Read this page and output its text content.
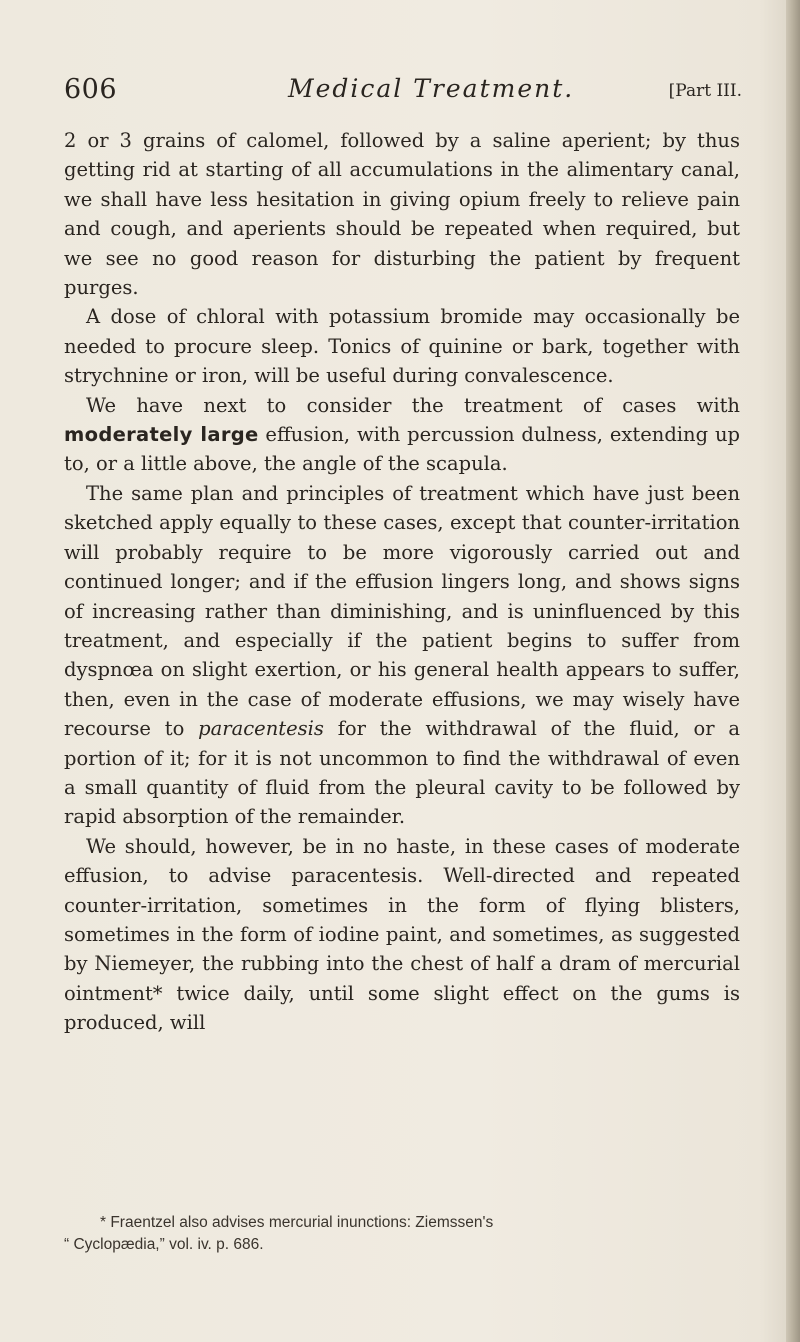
606	Medical Treatment.	[Part III.

2 or 3 grains of calomel, followed by a saline aperient; by thus getting rid at starting of all accumulations in the alimentary canal, we shall have less hesitation in giving opium freely to relieve pain and cough, and aperients should be repeated when required, but we see no good reason for disturbing the patient by frequent purges.

A dose of chloral with potassium bromide may occasionally be needed to procure sleep. Tonics of quinine or bark, together with strychnine or iron, will be useful during convalescence.

We have next to consider the treatment of cases with moderately large effusion, with percussion dulness, extending up to, or a little above, the angle of the scapula.

The same plan and principles of treatment which have just been sketched apply equally to these cases, except that counter-irritation will probably require to be more vigorously carried out and continued longer; and if the effusion lingers long, and shows signs of increasing rather than diminishing, and is uninfluenced by this treatment, and especially if the patient begins to suffer from dyspnœa on slight exertion, or his general health appears to suffer, then, even in the case of moderate effusions, we may wisely have recourse to paracentesis for the withdrawal of the fluid, or a portion of it; for it is not uncommon to find the withdrawal of even a small quantity of fluid from the pleural cavity to be followed by rapid absorption of the remainder.

We should, however, be in no haste, in these cases of moderate effusion, to advise paracentesis. Well-directed and repeated counter-irritation, sometimes in the form of flying blisters, sometimes in the form of iodine paint, and sometimes, as suggested by Niemeyer, the rubbing into the chest of half a dram of mercurial ointment* twice daily, until some slight effect on the gums is produced, will

* Fraentzel also advises mercurial inunctions: Ziemssen's

“ Cyclopædia,” vol. iv. p. 686.
